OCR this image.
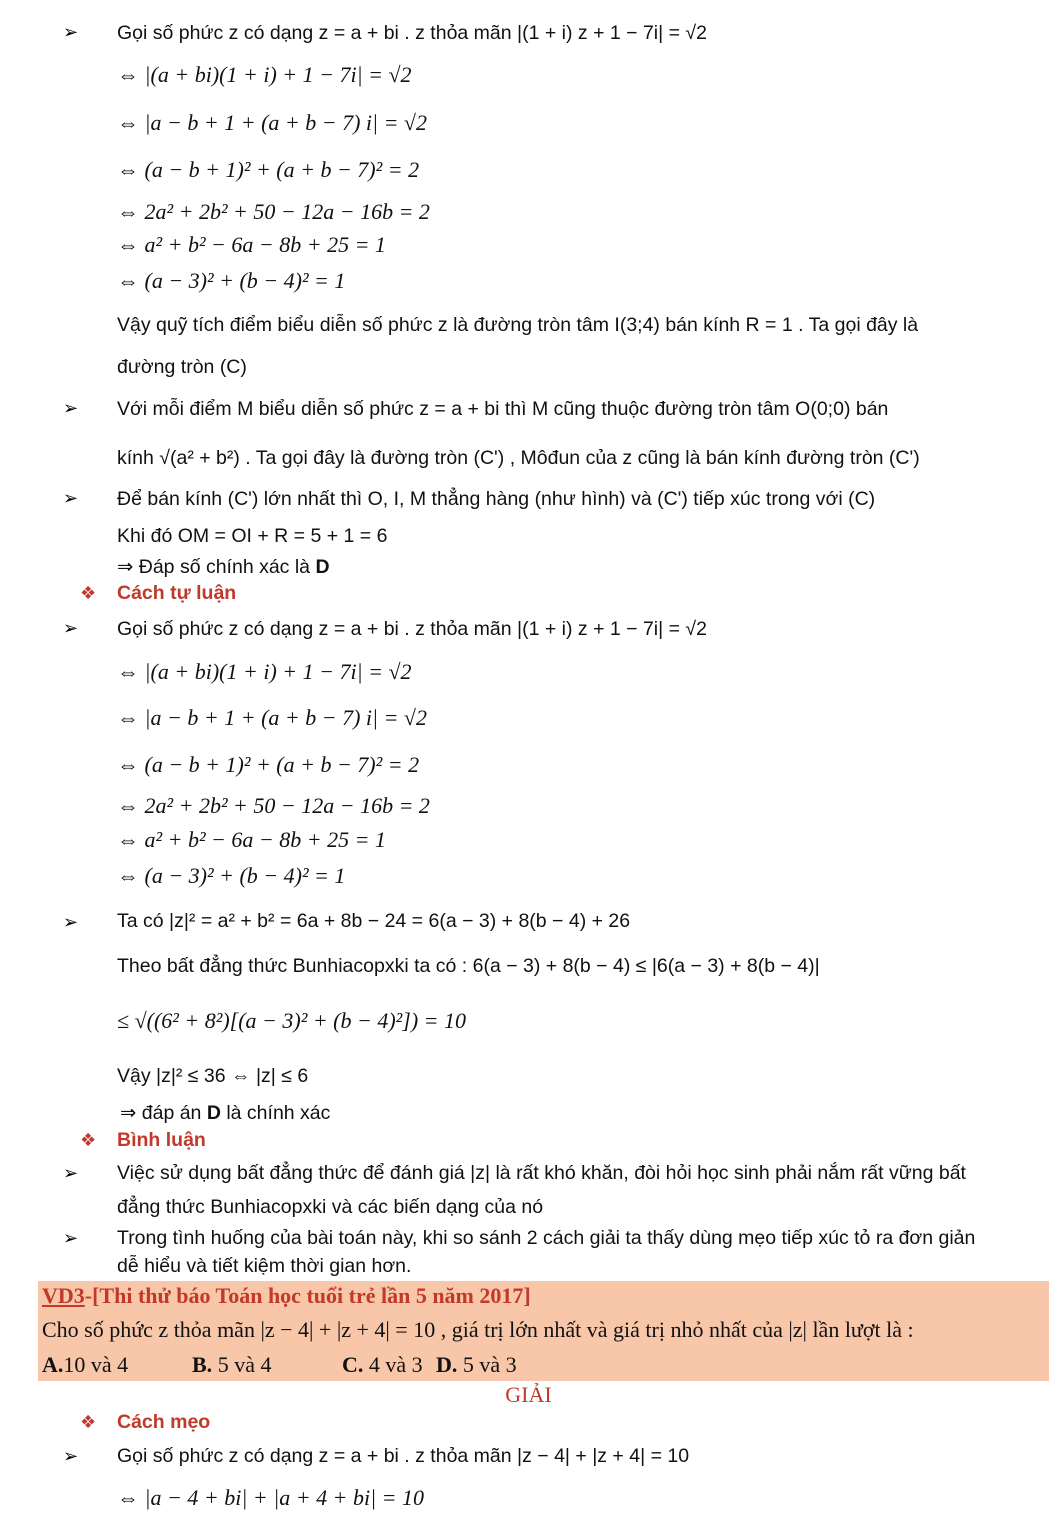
➢ Gọi số phức z có dạng z = a + bi . z thỏa mãn |(1 + i) z + 1 − 7i| = √2
⇔ |(a + bi)(1 + i) + 1 − 7i| = √2
⇔ |a − b + 1 + (a + b − 7) i| = √2
⇔ (a − b + 1)² + (a + b − 7)² = 2
⇔ 2a² + 2b² + 50 − 12a − 16b = 2
⇔ a² + b² − 6a − 8b + 25 = 1
⇔ (a − 3)² + (b − 4)² = 1
Vậy quỹ tích điểm biểu diễn số phức z là đường tròn tâm I(3;4) bán kính R = 1 . Ta gọi đây là
đường tròn (C)
➢ Với mỗi điểm M biểu diễn số phức z = a + bi thì M cũng thuộc đường tròn tâm O(0;0) bán
kính √(a² + b²) . Ta gọi đây là đường tròn (C') , Môđun của z cũng là bán kính đường tròn (C')
➢ Để bán kính (C') lớn nhất thì O, I, M thẳng hàng (như hình) và (C') tiếp xúc trong với (C)
Khi đó OM = OI + R = 5 + 1 = 6
⇒ Đáp số chính xác là D
❖ Cách tự luận
➢ Gọi số phức z có dạng z = a + bi . z thỏa mãn |(1 + i) z + 1 − 7i| = √2
⇔ |(a + bi)(1 + i) + 1 − 7i| = √2
⇔ |a − b + 1 + (a + b − 7) i| = √2
⇔ (a − b + 1)² + (a + b − 7)² = 2
⇔ 2a² + 2b² + 50 − 12a − 16b = 2
⇔ a² + b² − 6a − 8b + 25 = 1
⇔ (a − 3)² + (b − 4)² = 1
➢ Ta có |z|² = a² + b² = 6a + 8b − 24 = 6(a − 3) + 8(b − 4) + 26
Theo bất đẳng thức Bunhiacopxki ta có : 6(a − 3) + 8(b − 4) ≤ |6(a − 3) + 8(b − 4)|
≤ √((6² + 8²)[(a − 3)² + (b − 4)²]) = 10
Vậy |z|² ≤ 36 ⇔ |z| ≤ 6
⇒ đáp án D là chính xác
❖ Bình luận
➢ Việc sử dụng bất đẳng thức để đánh giá |z| là rất khó khăn, đòi hỏi học sinh phải nắm rất vững bất
đẳng thức Bunhiacopxki và các biến dạng của nó
➢ Trong tình huống của bài toán này, khi so sánh 2 cách giải ta thấy dùng mẹo tiếp xúc tỏ ra đơn giản
dễ hiểu và tiết kiệm thời gian hơn.
VD3-[Thi thử báo Toán học tuổi trẻ lần 5 năm 2017]
Cho số phức z thỏa mãn |z − 4| + |z + 4| = 10 , giá trị lớn nhất và giá trị nhỏ nhất của |z| lần lượt là :
A.10 và 4	B. 5 và 4	C. 4 và 3 D. 5 và 3
GIẢI
❖ Cách mẹo
➢ Gọi số phức z có dạng z = a + bi . z thỏa mãn |z − 4| + |z + 4| = 10
⇔ |a − 4 + bi| + |a + 4 + bi| = 10
